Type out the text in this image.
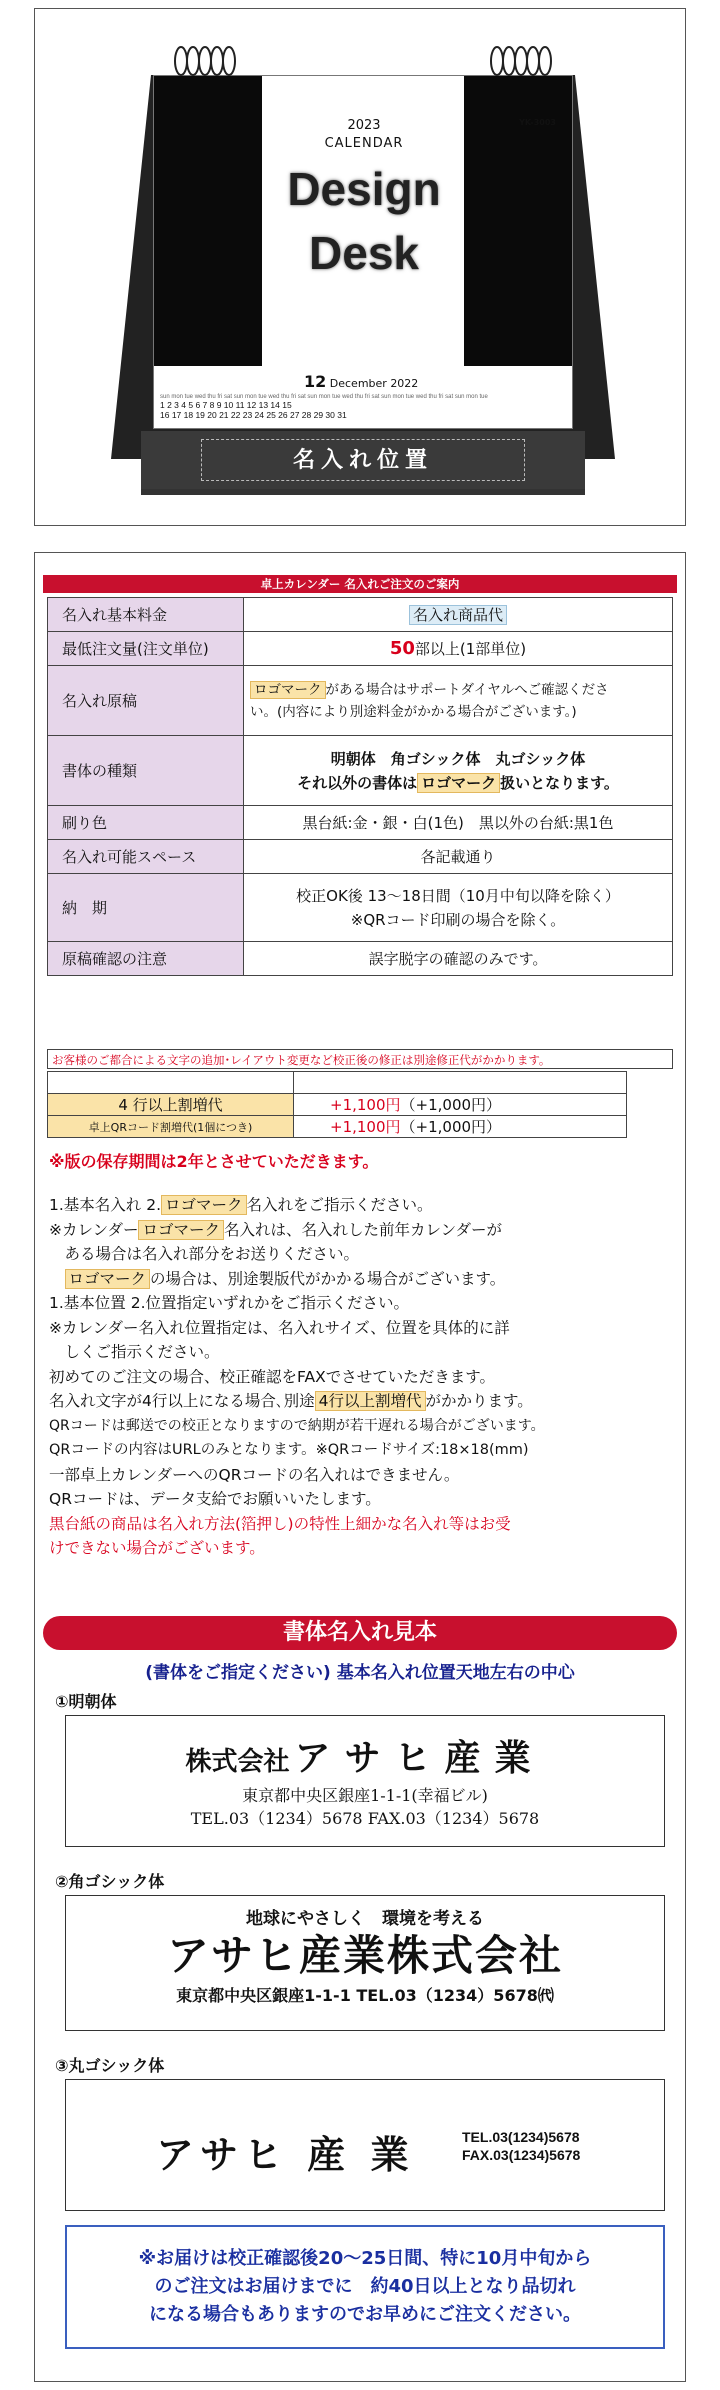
YK-3003
2023
CALENDAR
Design
Desk
12 December 2022
sun mon tue wed thu fri sat sun mon tue wed thu fri sat sun mon tue wed thu fri sat sun mon tue wed thu fri sat sun mon tue
1 2 3 4 5 6 7 8 9 10 11 12 13 14 15
16 17 18 19 20 21 22 23 24 25 26 27 28 29 30 31
名入れ位置
卓上カレンダー 名入れご注文のご案内
名入れ基本料金	名入れ商品代
最低注文量(注文単位)	50部以上(1部単位)
名入れ原稿	ロゴマーク がある場合はサポートダイヤルへご確認くださ
い。(内容により別途料金がかかる場合がございます。)
書体の種類	明朝体　角ゴシック体　丸ゴシック体
それ以外の書体は ロゴマーク 扱いとなります。
刷り色	黒台紙:金・銀・白(1色)　黒以外の台紙:黒1色
名入れ可能スペース	各記載通り
納　期	校正OK後 13～18日間（10月中旬以降を除く）
※QRコード印刷の場合を除く。
原稿確認の注意	誤字脱字の確認のみです。
お客様のご都合による文字の追加･レイアウト変更など校正後の修正は別途修正代がかかります。

4 行以上割増代	+1,100円（+1,000円）
卓上QRコード割増代(1個につき)	+1,100円（+1,000円）
※版の保存期間は2年とさせていただきます。
1.基本名入れ 2. ロゴマーク 名入れをご指示ください。
※カレンダー ロゴマーク 名入れは、名入れした前年カレンダーが
　ある場合は名入れ部分をお送りください。
　ロゴマーク の場合は、別途製版代がかかる場合がございます。
1.基本位置 2.位置指定いずれかをご指示ください。
※カレンダー名入れ位置指定は、名入れサイズ、位置を具体的に詳
　しくご指示ください。
初めてのご注文の場合、校正確認をFAXでさせていただきます。
名入れ文字が4行以上になる場合､別途 4行以上割増代 がかかります。
QRコードは郵送での校正となりますので納期が若干遅れる場合がございます。
QRコードの内容はURLのみとなります。※QRコードサイズ:18×18(mm)
一部卓上カレンダーへのQRコードの名入れはできません。
QRコードは、データ支給でお願いいたします。
黒台紙の商品は名入れ方法(箔押し)の特性上細かな名入れ等はお受
けできない場合がございます。
書体名入れ見本
(書体をご指定ください) 基本名入れ位置天地左右の中心
①明朝体
株式会社 アサヒ産業
東京都中央区銀座1-1-1(幸福ビル)
TEL.03（1234）5678 FAX.03（1234）5678
②角ゴシック体
地球にやさしく　環境を考える
アサヒ産業株式会社
東京都中央区銀座1-1-1 TEL.03（1234）5678㈹
③丸ゴシック体
アサヒ 産 業	TEL.03(1234)5678
FAX.03(1234)5678
※お届けは校正確認後20～25日間、特に10月中旬から
のご注文はお届けまでに　約40日以上となり品切れ
になる場合もありますのでお早めにご注文ください。
